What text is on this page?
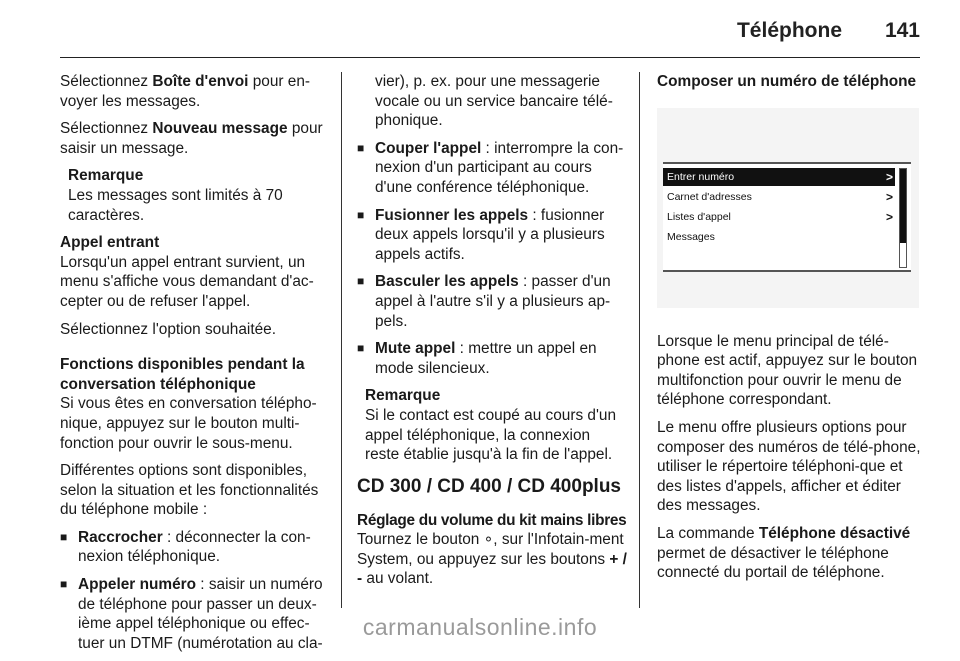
Téléphone 141

Sélectionnez Boîte d'envoi pour en-voyer les messages.

Sélectionnez Nouveau message pour saisir un message.

Remarque
Les messages sont limités à 70 caractères.
Appel entrant
Lorsqu'un appel entrant survient, un menu s'affiche vous demandant d'ac-cepter ou de refuser l'appel.

Sélectionnez l'option souhaitée.

Fonctions disponibles pendant la conversation téléphonique
Si vous êtes en conversation télépho-nique, appuyez sur le bouton multi-fonction pour ouvrir le sous-menu.

Différentes options sont disponibles, selon la situation et les fonctionnalités du téléphone mobile :

■ Raccrocher : déconnecter la con-nexion téléphonique.
■ Appeler numéro : saisir un numéro de téléphone pour passer un deux-ième appel téléphonique ou effec-tuer un DTMF (numérotation au cla-
vier), p. ex. pour une messagerie vocale ou un service bancaire télé-phonique.
■ Couper l'appel : interrompre la con-nexion d'un participant au cours d'une conférence téléphonique.
■ Fusionner les appels : fusionner deux appels lorsqu'il y a plusieurs appels actifs.
■ Basculer les appels : passer d'un appel à l'autre s'il y a plusieurs ap-pels.
■ Mute appel : mettre un appel en mode silencieux.
Remarque
Si le contact est coupé au cours d'un appel téléphonique, la connexion reste établie jusqu'à la fin de l'appel.
CD 300 / CD 400 / CD 400plus
Réglage du volume du kit mains libres
Tournez le bouton ∘, sur l'Infotain-ment System, ou appuyez sur les boutons + / - au volant.
Composer un numéro de téléphone
Entrer numéro	>
Carnet d'adresses	>
Listes d'appel	>
Messages

Lorsque le menu principal de télé-phone est actif, appuyez sur le bouton multifonction pour ouvrir le menu de téléphone correspondant.

Le menu offre plusieurs options pour composer des numéros de télé-phone, utiliser le répertoire téléphoni-que et des listes d'appels, afficher et éditer des messages.

La commande Téléphone désactivé permet de désactiver le téléphone connecté du portail de téléphone.

carmanualsonline.info
